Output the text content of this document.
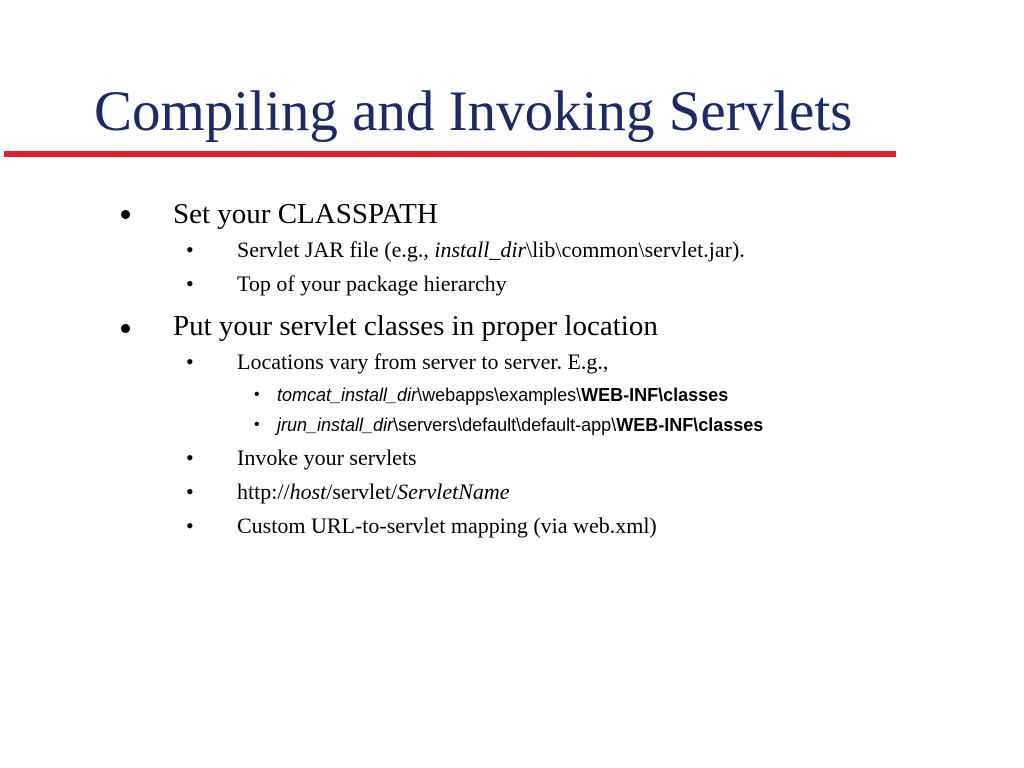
Compiling and Invoking Servlets
Set your CLASSPATH
• Servlet JAR file (e.g., install_dir\lib\common\servlet.jar).
• Top of your package hierarchy
Put your servlet classes in proper location
• Locations vary from server to server. E.g.,
• tomcat_install_dir\webapps\examples\WEB-INF\classes
• jrun_install_dir\servers\default\default-app\WEB-INF\classes
• Invoke your servlets
• http://host/servlet/ServletName
• Custom URL-to-servlet mapping (via web.xml)
